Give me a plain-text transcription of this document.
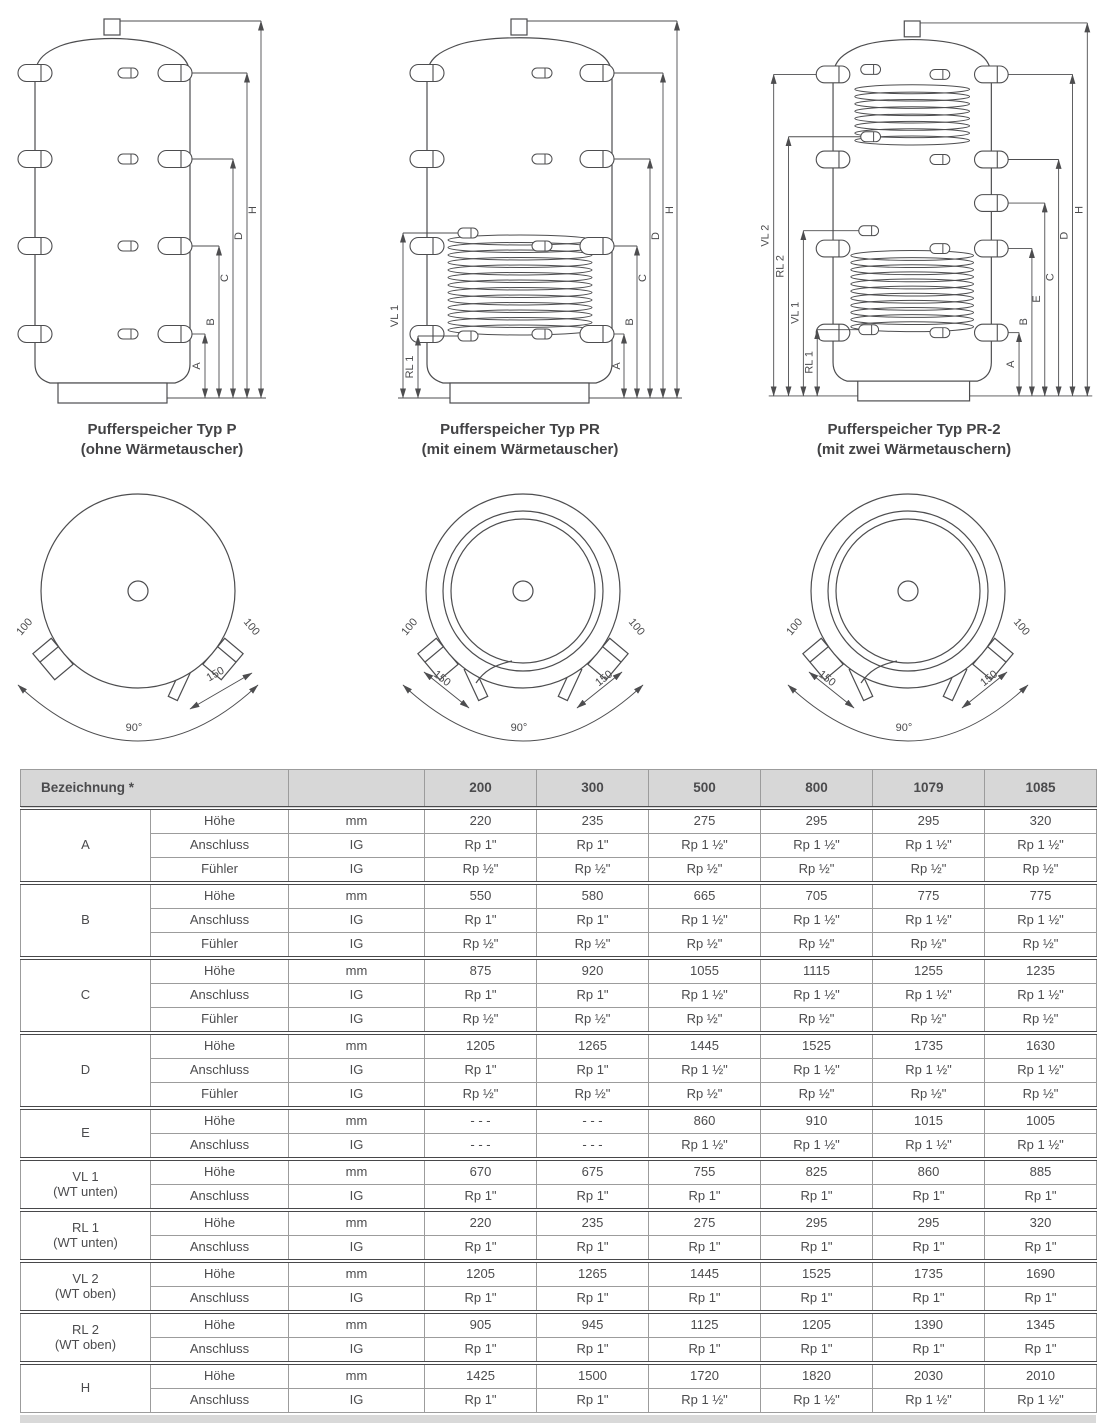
A
B
C
D
H
A
B
C
D
H
VL 1
RL 1	A
B
E
C
D
H
VL 2
RL 2
VL 1
RL 1
Pufferspeicher Typ P
(ohne Wärmetauscher)
Pufferspeicher Typ PR
(mit einem Wärmetauscher)
Pufferspeicher Typ PR-2
(mit zwei Wärmetauschern)
100	100
150
90°
100	100
150	150
90°
100	100
150	150
90°
Bezeichnung *			200	300	500	800	1079	1085
A	Höhe	mm	220	235	275	295	295	320
	Anschluss	IG	Rp 1"	Rp 1"	Rp 1 ½"	Rp 1 ½"	Rp 1 ½"	Rp 1 ½"
	Fühler	IG	Rp ½"	Rp ½"	Rp ½"	Rp ½"	Rp ½"	Rp ½"
B	Höhe	mm	550	580	665	705	775	775
	Anschluss	IG	Rp 1"	Rp 1"	Rp 1 ½"	Rp 1 ½"	Rp 1 ½"	Rp 1 ½"
	Fühler	IG	Rp ½"	Rp ½"	Rp ½"	Rp ½"	Rp ½"	Rp ½"
C	Höhe	mm	875	920	1055	1115	1255	1235
	Anschluss	IG	Rp 1"	Rp 1"	Rp 1 ½"	Rp 1 ½"	Rp 1 ½"	Rp 1 ½"
	Fühler	IG	Rp ½"	Rp ½"	Rp ½"	Rp ½"	Rp ½"	Rp ½"
D	Höhe	mm	1205	1265	1445	1525	1735	1630
	Anschluss	IG	Rp 1"	Rp 1"	Rp 1 ½"	Rp 1 ½"	Rp 1 ½"	Rp 1 ½"
	Fühler	IG	Rp ½"	Rp ½"	Rp ½"	Rp ½"	Rp ½"	Rp ½"
E	Höhe	mm	- - -	- - -	860	910	1015	1005
	Anschluss	IG	- - -	- - -	Rp 1 ½"	Rp 1 ½"	Rp 1 ½"	Rp 1 ½"
VL 1
(WT unten)	Höhe	mm	670	675	755	825	860	885
	Anschluss	IG	Rp 1"	Rp 1"	Rp 1"	Rp 1"	Rp 1"	Rp 1"
RL 1
(WT unten)	Höhe	mm	220	235	275	295	295	320
	Anschluss	IG	Rp 1"	Rp 1"	Rp 1"	Rp 1"	Rp 1"	Rp 1"
VL 2
(WT oben)	Höhe	mm	1205	1265	1445	1525	1735	1690
	Anschluss	IG	Rp 1"	Rp 1"	Rp 1"	Rp 1"	Rp 1"	Rp 1"
RL 2
(WT oben)	Höhe	mm	905	945	1125	1205	1390	1345
	Anschluss	IG	Rp 1"	Rp 1"	Rp 1"	Rp 1"	Rp 1"	Rp 1"
H	Höhe	mm	1425	1500	1720	1820	2030	2010
	Anschluss	IG	Rp 1"	Rp 1"	Rp 1 ½"	Rp 1 ½"	Rp 1 ½"	Rp 1 ½"
